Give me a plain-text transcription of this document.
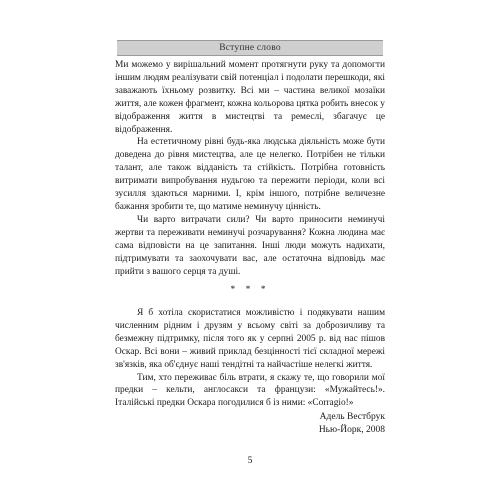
Вступне слово

Ми можемо у вирішальний момент протягнути руку та допомогти іншим людям реалізувати свій потенціал і подолати перешкоди, які заважають їхньому розвитку. Всі ми – частина великої мозаїки життя, але кожен фрагмент, кожна кольорова цятка робить внесок у відображення життя в мистецтві та ремеслі, збагачує це відображення.

На естетичному рівні будь-яка людська діяльність може бути доведена до рівня мистецтва, але це нелегко. Потрібен не тільки талант, але також відданість та стійкість. Потрібна готовність витримати випробування нудьгою та пережити періоди, коли всі зусилля здаються марними. І, крім іншого, потрібне величезне бажання зробити те, що матиме неминучу цінність.

Чи варто витрачати сили? Чи варто приносити неминучі жертви та переживати неминучі розчарування? Кожна людина має сама відповісти на це запитання. Інші люди можуть надихати, підтримувати та заохочувати вас, але остаточна відповідь має прийти з вашого серця та душі.

* * *

Я б хотіла скористатися можливістю і подякувати нашим численним рідним і друзям у всьому світі за доброзичливу та безмежну підтримку, після того як у серпні 2005 р. від нас пішов Оскар. Всі вони – живий приклад безцінності тієї складної мережі зв'язків, яка об'єднує наші тендітні та найчастіше нелегкі життя.

Тим, хто переживає біль втрати, я скажу те, що говорили мої предки – кельти, англосакси та французи: «Мужайтесь!». Італійські предки Оскара погодилися б із ними: «Corragio!»

Адель Вестбрук
Нью-Йорк, 2008
5
